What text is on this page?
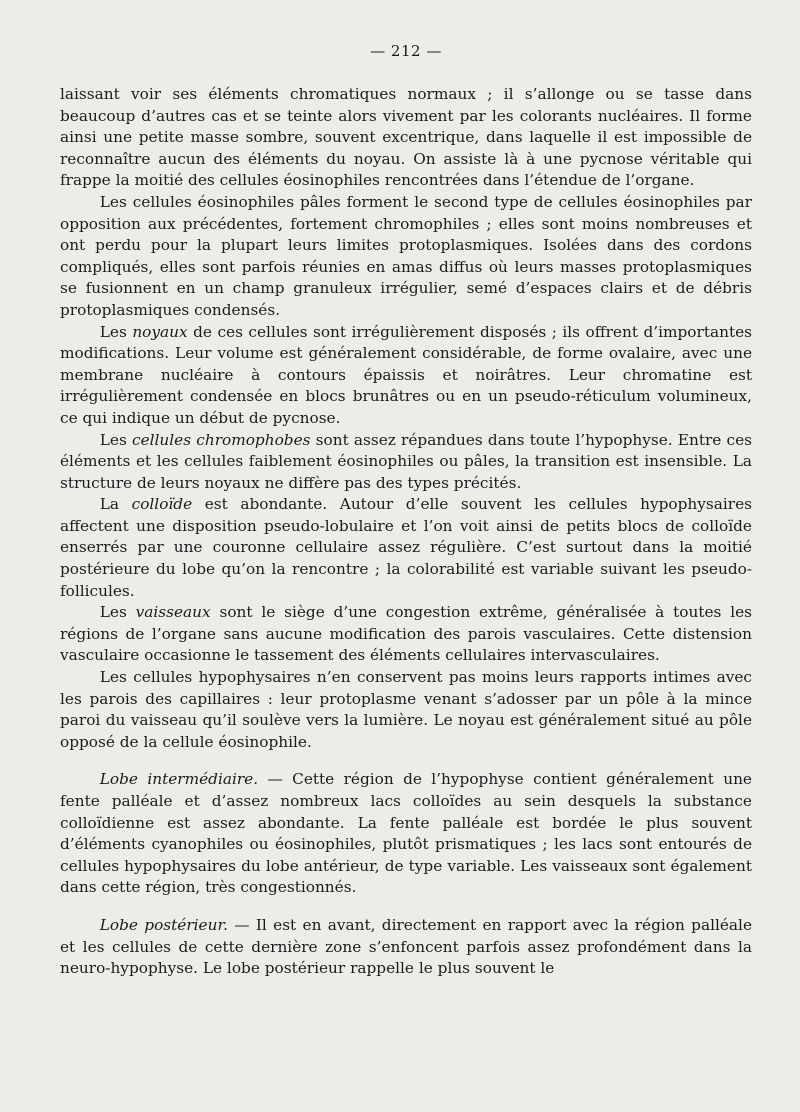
— 212 —

laissant voir ses éléments chromatiques normaux ; il s’allonge ou se tasse dans beaucoup d’autres cas et se teinte alors vivement par les colorants nucléaires. Il forme ainsi une petite masse sombre, souvent excentrique, dans laquelle il est impossible de reconnaître aucun des éléments du noyau. On assiste là à une pycnose véritable qui frappe la moitié des cellules éosinophiles rencontrées dans l’étendue de l’organe.

Les cellules éosinophiles pâles forment le second type de cellules éosinophiles par opposition aux précédentes, fortement chromophiles ; elles sont moins nombreuses et ont perdu pour la plupart leurs limites protoplasmiques. Isolées dans des cordons compliqués, elles sont parfois réunies en amas diffus où leurs masses protoplasmiques se fusionnent en un champ granuleux irrégulier, semé d’espaces clairs et de débris protoplasmiques condensés.

Les noyaux de ces cellules sont irrégulièrement disposés ; ils offrent d’importantes modifications. Leur volume est généralement considérable, de forme ovalaire, avec une membrane nucléaire à contours épaissis et noirâtres. Leur chromatine est irrégulièrement condensée en blocs brunâtres ou en un pseudo-réticulum volumineux, ce qui indique un début de pycnose.

Les cellules chromophobes sont assez répandues dans toute l’hypophyse. Entre ces éléments et les cellules faiblement éosinophiles ou pâles, la transition est insensible. La structure de leurs noyaux ne diffère pas des types précités.

La colloïde est abondante. Autour d’elle souvent les cellules hypophysaires affectent une disposition pseudo-lobulaire et l’on voit ainsi de petits blocs de colloïde enserrés par une couronne cellulaire assez régulière. C’est surtout dans la moitié postérieure du lobe qu’on la rencontre ; la colorabilité est variable suivant les pseudo-follicules.

Les vaisseaux sont le siège d’une congestion extrême, généralisée à toutes les régions de l’organe sans aucune modification des parois vasculaires. Cette distension vasculaire occasionne le tassement des éléments cellulaires intervasculaires.

Les cellules hypophysaires n’en conservent pas moins leurs rapports intimes avec les parois des capillaires : leur protoplasme venant s’adosser par un pôle à la mince paroi du vaisseau qu’il soulève vers la lumière. Le noyau est généralement situé au pôle opposé de la cellule éosinophile.

Lobe intermédiaire. — Cette région de l’hypophyse contient généralement une fente palléale et d’assez nombreux lacs colloïdes au sein desquels la substance colloïdienne est assez abondante. La fente palléale est bordée le plus souvent d’éléments cyanophiles ou éosinophiles, plutôt prismatiques ; les lacs sont entourés de cellules hypophysaires du lobe antérieur, de type variable. Les vaisseaux sont également dans cette région, très congestionnés.

Lobe postérieur. — Il est en avant, directement en rapport avec la région palléale et les cellules de cette dernière zone s’enfoncent parfois assez profondément dans la neuro-hypophyse. Le lobe postérieur rappelle le plus souvent le
